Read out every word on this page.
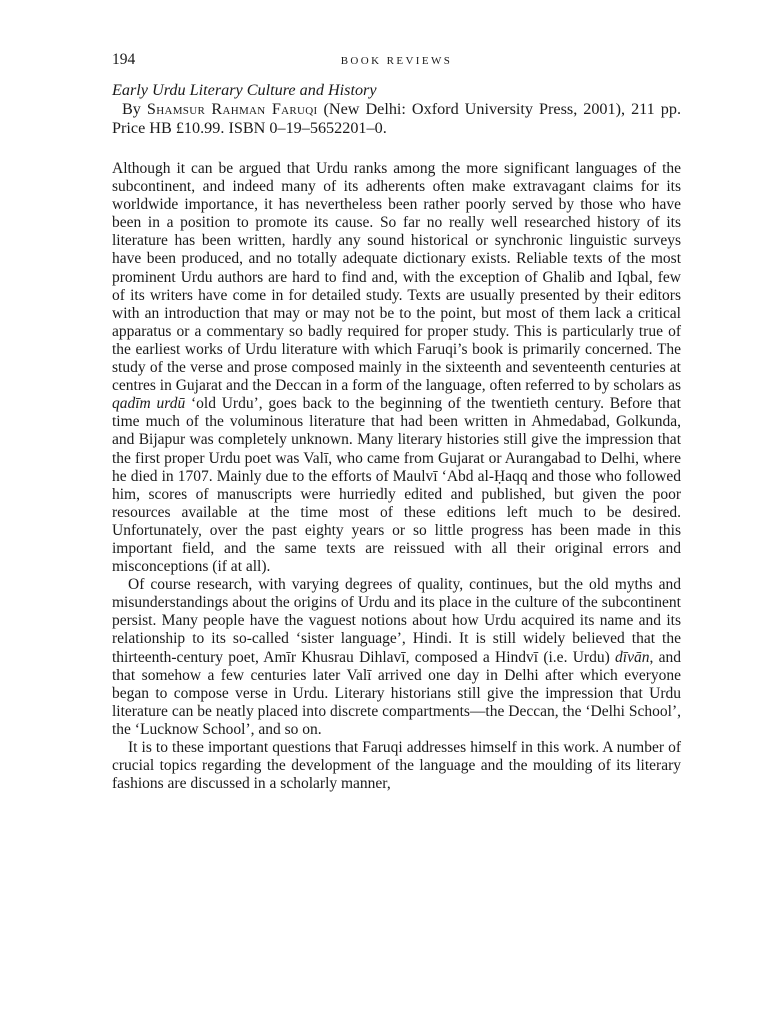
194	BOOK REVIEWS
Early Urdu Literary Culture and History

By Shamsur Rahman Faruqi (New Delhi: Oxford University Press, 2001), 211 pp. Price HB £10.99. ISBN 0–19–5652201–0.

Although it can be argued that Urdu ranks among the more significant languages of the subcontinent, and indeed many of its adherents often make extravagant claims for its worldwide importance, it has nevertheless been rather poorly served by those who have been in a position to promote its cause. So far no really well researched history of its literature has been written, hardly any sound historical or synchronic linguistic surveys have been produced, and no totally adequate dictionary exists. Reliable texts of the most prominent Urdu authors are hard to find and, with the exception of Ghalib and Iqbal, few of its writers have come in for detailed study. Texts are usually presented by their editors with an introduction that may or may not be to the point, but most of them lack a critical apparatus or a commentary so badly required for proper study. This is particularly true of the earliest works of Urdu literature with which Faruqi’s book is primarily concerned. The study of the verse and prose composed mainly in the sixteenth and seventeenth centuries at centres in Gujarat and the Deccan in a form of the language, often referred to by scholars as qadīm urdū ‘old Urdu’, goes back to the beginning of the twentieth century. Before that time much of the voluminous literature that had been written in Ahmedabad, Golkunda, and Bijapur was completely unknown. Many literary histories still give the impression that the first proper Urdu poet was Valī, who came from Gujarat or Aurangabad to Delhi, where he died in 1707. Mainly due to the efforts of Maulvī ‘Abd al-Ḥaqq and those who followed him, scores of manuscripts were hurriedly edited and published, but given the poor resources available at the time most of these editions left much to be desired. Unfortunately, over the past eighty years or so little progress has been made in this important field, and the same texts are reissued with all their original errors and misconceptions (if at all).

Of course research, with varying degrees of quality, continues, but the old myths and misunderstandings about the origins of Urdu and its place in the culture of the subcontinent persist. Many people have the vaguest notions about how Urdu acquired its name and its relationship to its so-called ‘sister language’, Hindi. It is still widely believed that the thirteenth-century poet, Amīr Khusrau Dihlavī, composed a Hindvī (i.e. Urdu) dīvān, and that somehow a few centuries later Valī arrived one day in Delhi after which everyone began to compose verse in Urdu. Literary historians still give the impression that Urdu literature can be neatly placed into discrete compartments—the Deccan, the ‘Delhi School’, the ‘Lucknow School’, and so on.

It is to these important questions that Faruqi addresses himself in this work. A number of crucial topics regarding the development of the language and the moulding of its literary fashions are discussed in a scholarly manner,
